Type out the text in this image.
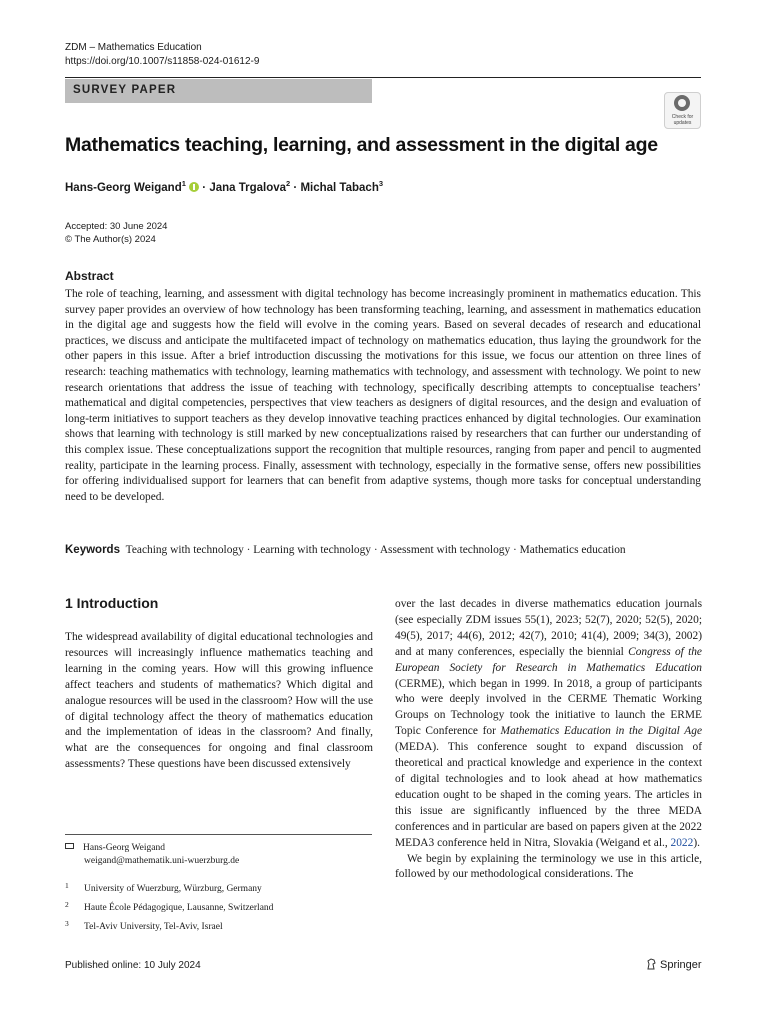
ZDM – Mathematics Education
https://doi.org/10.1007/s11858-024-01612-9
SURVEY PAPER
Check for updates
Mathematics teaching, learning, and assessment in the digital age
Hans-Georg Weigand$^1$  · Jana Trgalova$^2$ · Michal Tabach$^3$
Accepted: 30 June 2024
© The Author(s) 2024
Abstract

The role of teaching, learning, and assessment with digital technology has become increasingly prominent in mathematics education. This survey paper provides an overview of how technology has been transforming teaching, learning, and assessment in mathematics education in the digital age and suggests how the field will evolve in the coming years. Based on several decades of research and educational practices, we discuss and anticipate the multifaceted impact of technology on mathematics education, thus laying the groundwork for the other papers in this issue. After a brief introduction discussing the motivations for this issue, we focus our attention on three lines of research: teaching mathematics with technology, learning mathematics with technology, and assessment with technology. We point to new research orientations that address the issue of teaching with technology, specifically describing attempts to conceptualise teachers’ mathematical and digital competencies, perspectives that view teachers as designers of digital resources, and the design and evaluation of long-term initiatives to support teachers as they develop innovative teaching practices enhanced by digital technologies. Our examination shows that learning with technology is still marked by new conceptualizations raised by researchers that can further our understanding of this complex issue. These conceptualizations support the recognition that multiple resources, ranging from paper and pencil to augmented reality, participate in the learning process. Finally, assessment with technology, especially in the formative sense, offers new possibilities for offering individualised support for learners that can benefit from adaptive systems, though more tasks for conceptual understanding need to be developed.

Keywords Teaching with technology · Learning with technology · Assessment with technology · Mathematics education
1 Introduction

The widespread availability of digital educational technologies and resources will increasingly influence mathematics teaching and learning in the coming years. How will this growing influence affect teachers and students of mathematics? Which digital and analogue resources will be used in the classroom? How will the use of digital technology affect the theory of mathematics education and the implementation of ideas in the classroom? And finally, what are the consequences for ongoing and final classroom assessments? These questions have been discussed extensively

over the last decades in diverse mathematics education journals (see especially ZDM issues 55(1), 2023; 52(7), 2020; 52(5), 2020; 49(5), 2017; 44(6), 2012; 42(7), 2010; 41(4), 2009; 34(3), 2002) and at many conferences, especially the biennial Congress of the European Society for Research in Mathematics Education (CERME), which began in 1999. In 2018, a group of participants who were deeply involved in the CERME Thematic Working Groups on Technology took the initiative to launch the ERME Topic Conference for Mathematics Education in the Digital Age (MEDA). This conference sought to expand discussion of theoretical and practical knowledge and experience in the context of digital technologies and to look ahead at how mathematics education ought to be shaped in the coming years. The articles in this issue are significantly influenced by the three MEDA conferences and in particular are based on papers given at the 2022 MEDA3 conference held in Nitra, Slovakia (Weigand et al., 2022).

We begin by explaining the terminology we use in this article, followed by our methodological considerations. The

Hans-Georg Weigand
weigand@mathematik.uni-wuerzburg.de
1 University of Wuerzburg, Würzburg, Germany
2 Haute École Pédagogique, Lausanne, Switzerland
3 Tel-Aviv University, Tel-Aviv, Israel
Published online: 10 July 2024	Springer
